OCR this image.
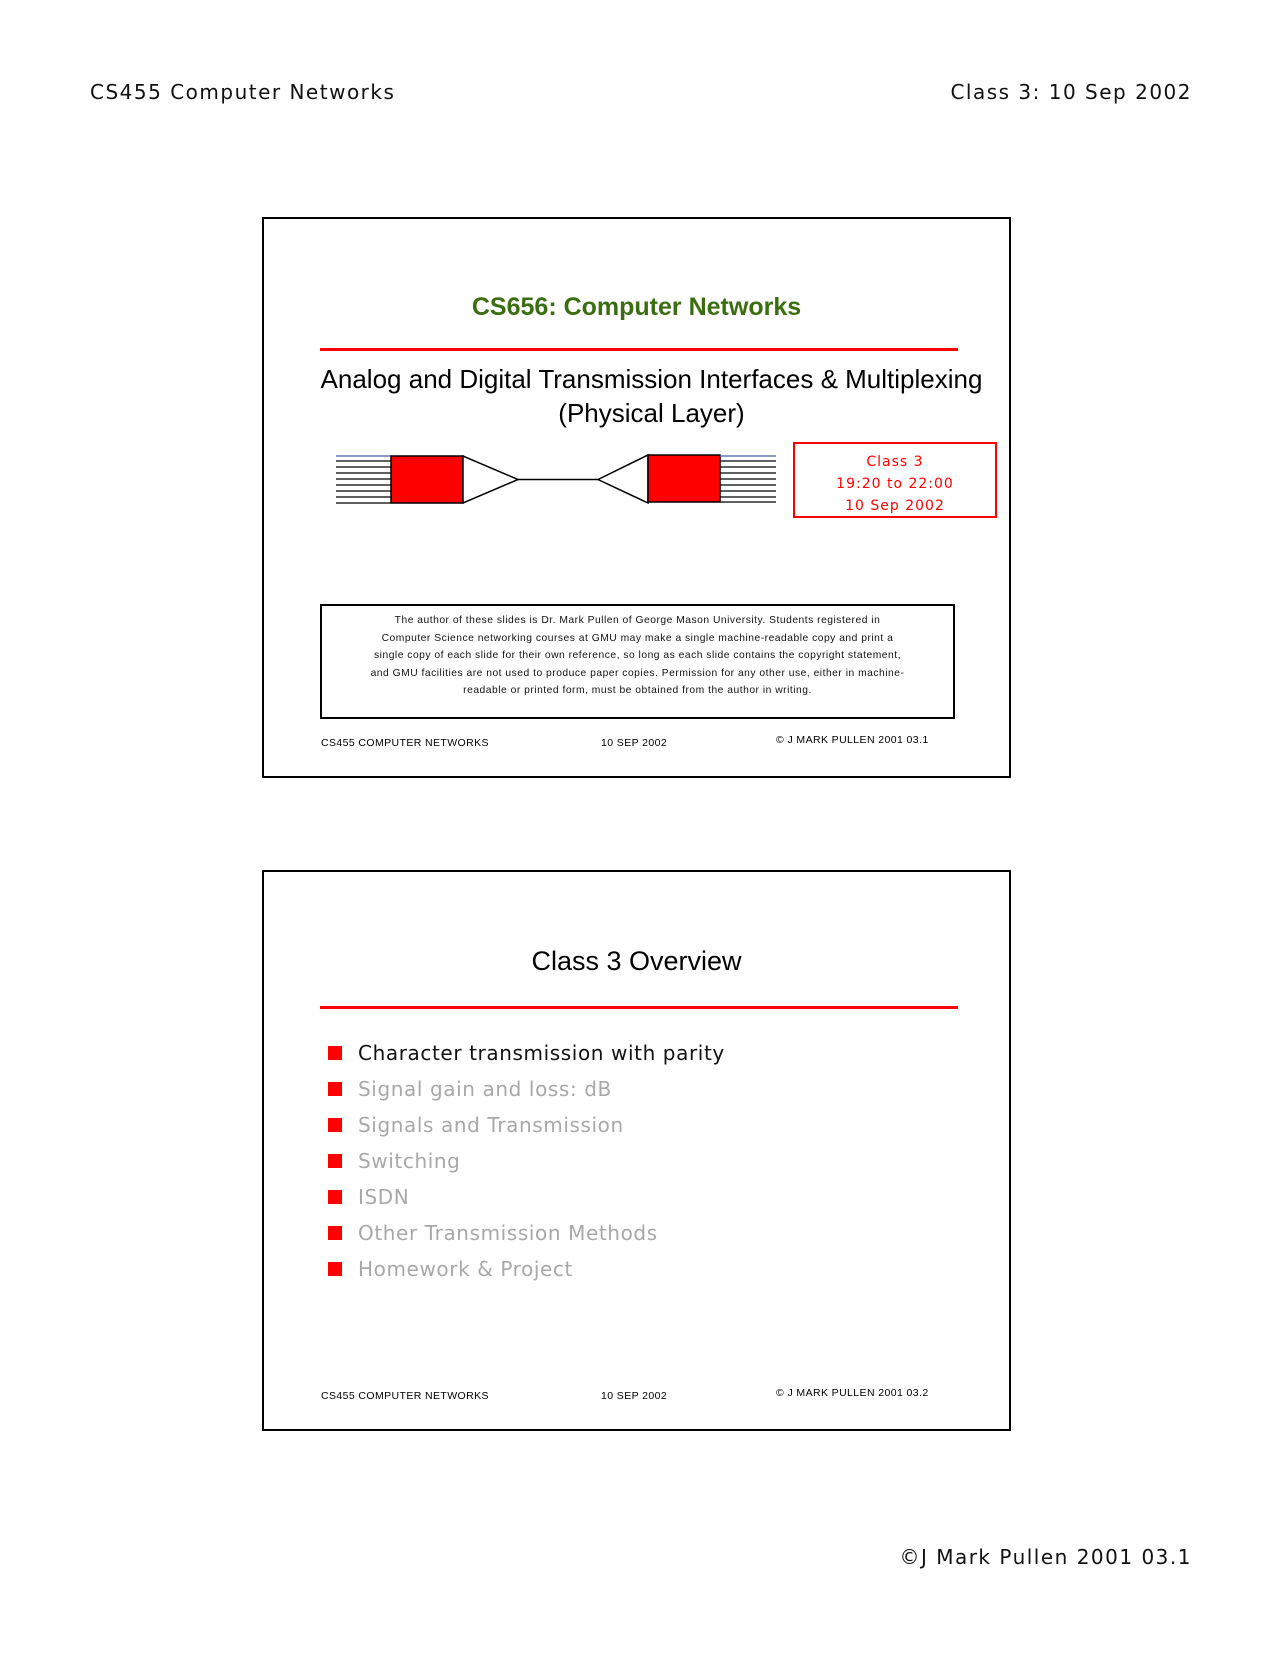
CS455 Computer Networks	Class 3: 10 Sep 2002
CS656: Computer Networks
Analog and Digital Transmission Interfaces & Multiplexing
(Physical Layer)
Class 3
19:20 to 22:00
10 Sep 2002
The author of these slides is Dr. Mark Pullen of George Mason University. Students registered in
Computer Science networking courses at GMU may make a single machine-readable copy and print a
single copy of each slide for their own reference, so long as each slide contains the copyright statement,
and GMU facilities are not used to produce paper copies. Permission for any other use, either in machine-
readable or printed form, must be obtained from the author in writing.
CS455 COMPUTER NETWORKS	10 SEP 2002	© J MARK PULLEN 2001 03.1
Class 3 Overview
Character transmission with parity
Signal gain and loss: dB
Signals and Transmission
Switching
ISDN
Other Transmission Methods
Homework & Project
CS455 COMPUTER NETWORKS	10 SEP 2002	© J MARK PULLEN 2001 03.2
©J Mark Pullen 2001 03.1
